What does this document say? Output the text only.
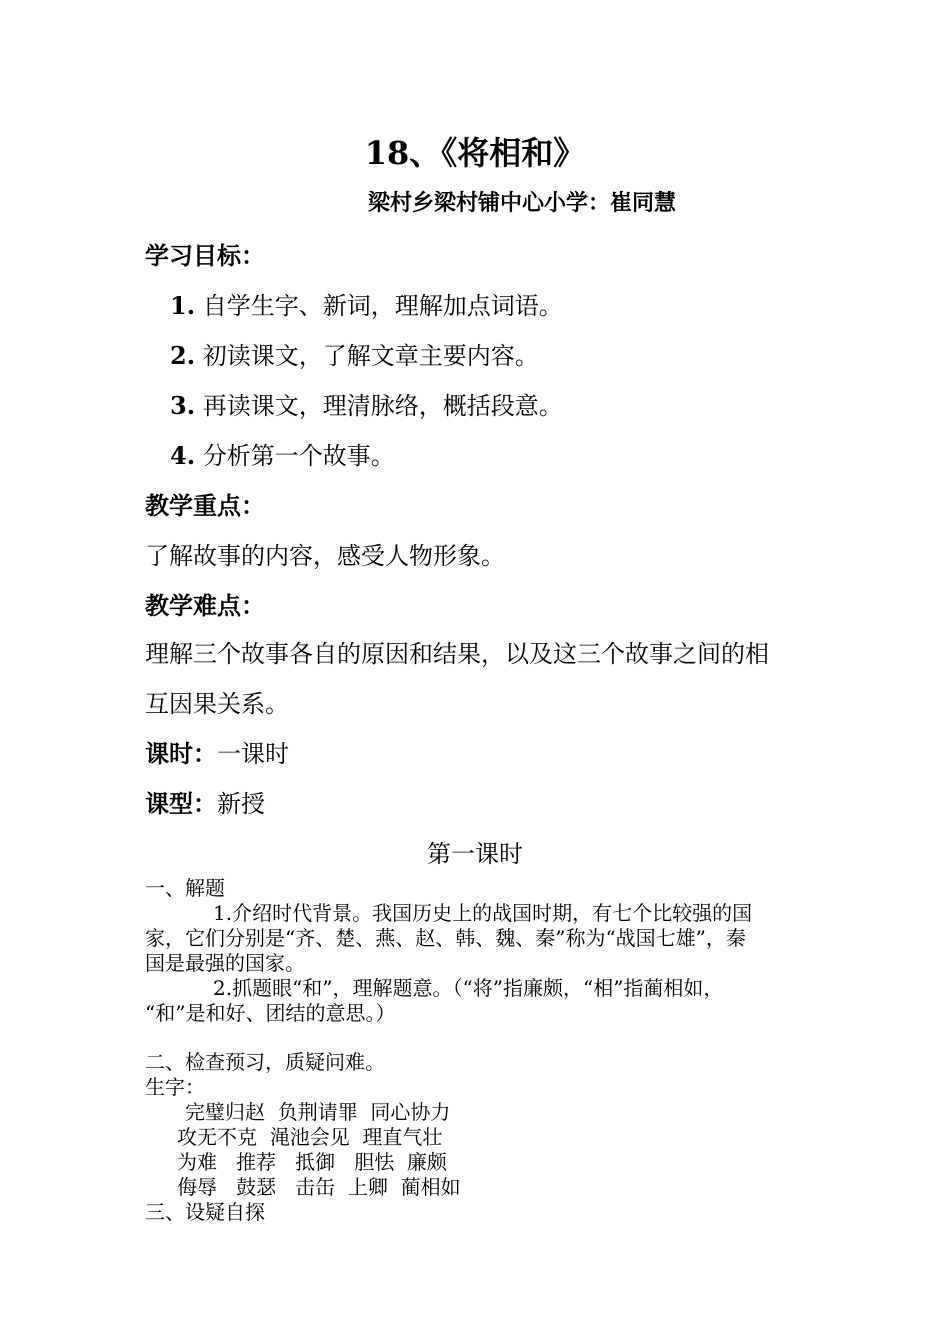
18、《将相和》
梁村乡梁村铺中心小学：崔同慧
学习目标：
1. 自学生字、新词，理解加点词语。
2. 初读课文，了解文章主要内容。
3. 再读课文，理清脉络，概括段意。
4. 分析第一个故事。
教学重点：
了解故事的内容，感受人物形象。
教学难点：
理解三个故事各自的原因和结果，以及这三个故事之间的相
互因果关系。
课时：一课时
课型：新授
第一课时
一、解题
1.介绍时代背景。我国历史上的战国时期，有七个比较强的国
家，它们分别是“齐、楚、燕、赵、韩、魏、秦”称为“战国七雄”，秦
国是最强的国家。
2.抓题眼“和”，理解题意。（“将”指廉颇，“相”指蔺相如，
“和”是和好、团结的意思。）
二、检查预习，质疑问难。
生字：
完璧归赵  负荆请罪  同心协力
攻无不克  渑池会见  理直气壮
为难   推荐   抵御   胆怯  廉颇
侮辱   鼓瑟   击缶  上卿  蔺相如
三、设疑自探
